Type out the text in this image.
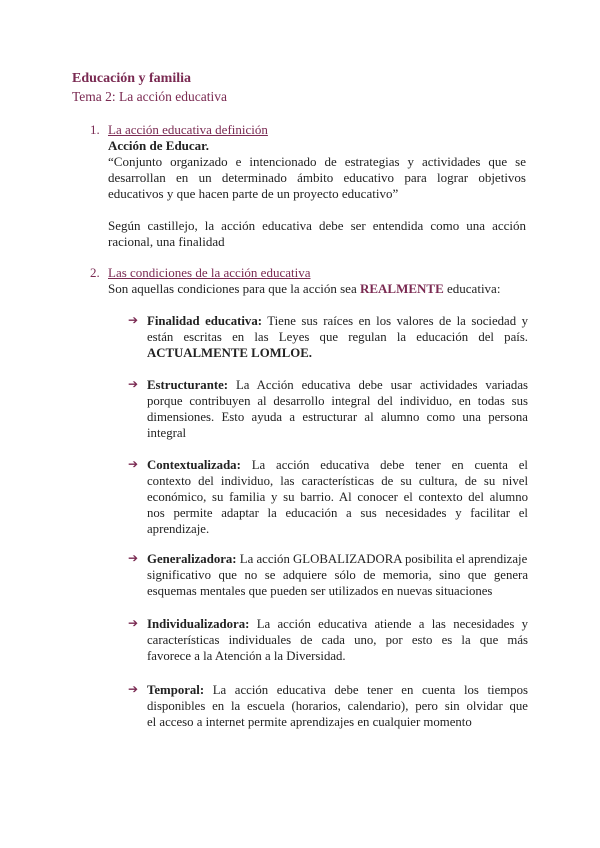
Educación y familia
Tema 2: La acción educativa
1. La acción educativa definición
Acción de Educar.
“Conjunto organizado e intencionado de estrategias y actividades que se
desarrollan en un determinado ámbito educativo para lograr objetivos
educativos y que hacen parte de un proyecto educativo”
Según castillejo, la acción educativa debe ser entendida como una acción
racional, una finalidad
2. Las condiciones de la acción educativa
Son aquellas condiciones para que la acción sea REALMENTE educativa:
➔ Finalidad educativa: Tiene sus raíces en los valores de la sociedad y
están escritas en las Leyes que regulan la educación del país.
ACTUALMENTE LOMLOE.
➔ Estructurante: La Acción educativa debe usar actividades variadas
porque contribuyen al desarrollo integral del individuo, en todas sus
dimensiones. Esto ayuda a estructurar al alumno como una persona
integral
➔ Contextualizada: La acción educativa debe tener en cuenta el
contexto del individuo, las características de su cultura, de su nivel
económico, su familia y su barrio. Al conocer el contexto del alumno
nos permite adaptar la educación a sus necesidades y facilitar el
aprendizaje.
➔ Generalizadora: La acción GLOBALIZADORA posibilita el aprendizaje
significativo que no se adquiere sólo de memoria, sino que genera
esquemas mentales que pueden ser utilizados en nuevas situaciones
➔ Individualizadora: La acción educativa atiende a las necesidades y
características individuales de cada uno, por esto es la que más
favorece a la Atención a la Diversidad.
➔ Temporal: La acción educativa debe tener en cuenta los tiempos
disponibles en la escuela (horarios, calendario), pero sin olvidar que
el acceso a internet permite aprendizajes en cualquier momento
